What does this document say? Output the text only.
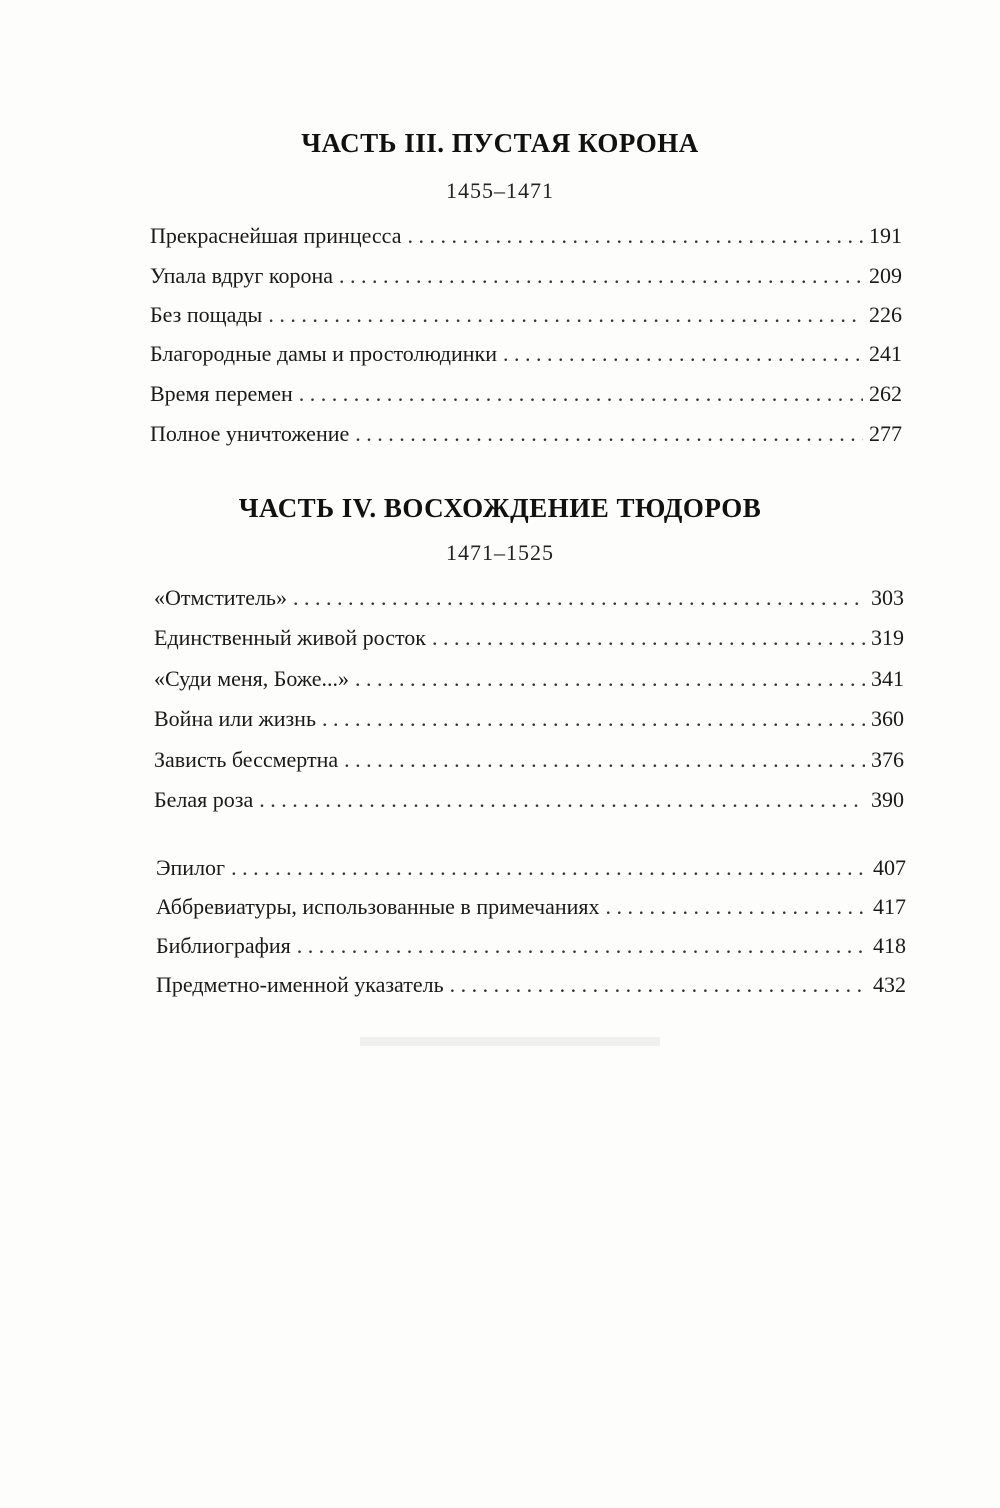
▬▬▬▬▬▬▬▬▬▬
ЧАСТЬ III. ПУСТАЯ КОРОНА
1455–1471
Прекраснейшая принцесса . . .	191
Упала вдруг корона . . .	209
Без пощады . . .	226
Благородные дамы и простолюдинки . . .	241
Время перемен . . .	262
Полное уничтожение . . .	277
ЧАСТЬ IV. ВОСХОЖДЕНИЕ ТЮДОРОВ
1471–1525
«Отмститель» . . .	303
Единственный живой росток . . .	319
«Суди меня, Боже...» . . .	341
Война или жизнь . . .	360
Зависть бессмертна . . .	376
Белая роза . . .	390
Эпилог . . .	407
Аббревиатуры, использованные в примечаниях . . .	417
Библиография . . .	418
Предметно-именной указатель . . .	432
